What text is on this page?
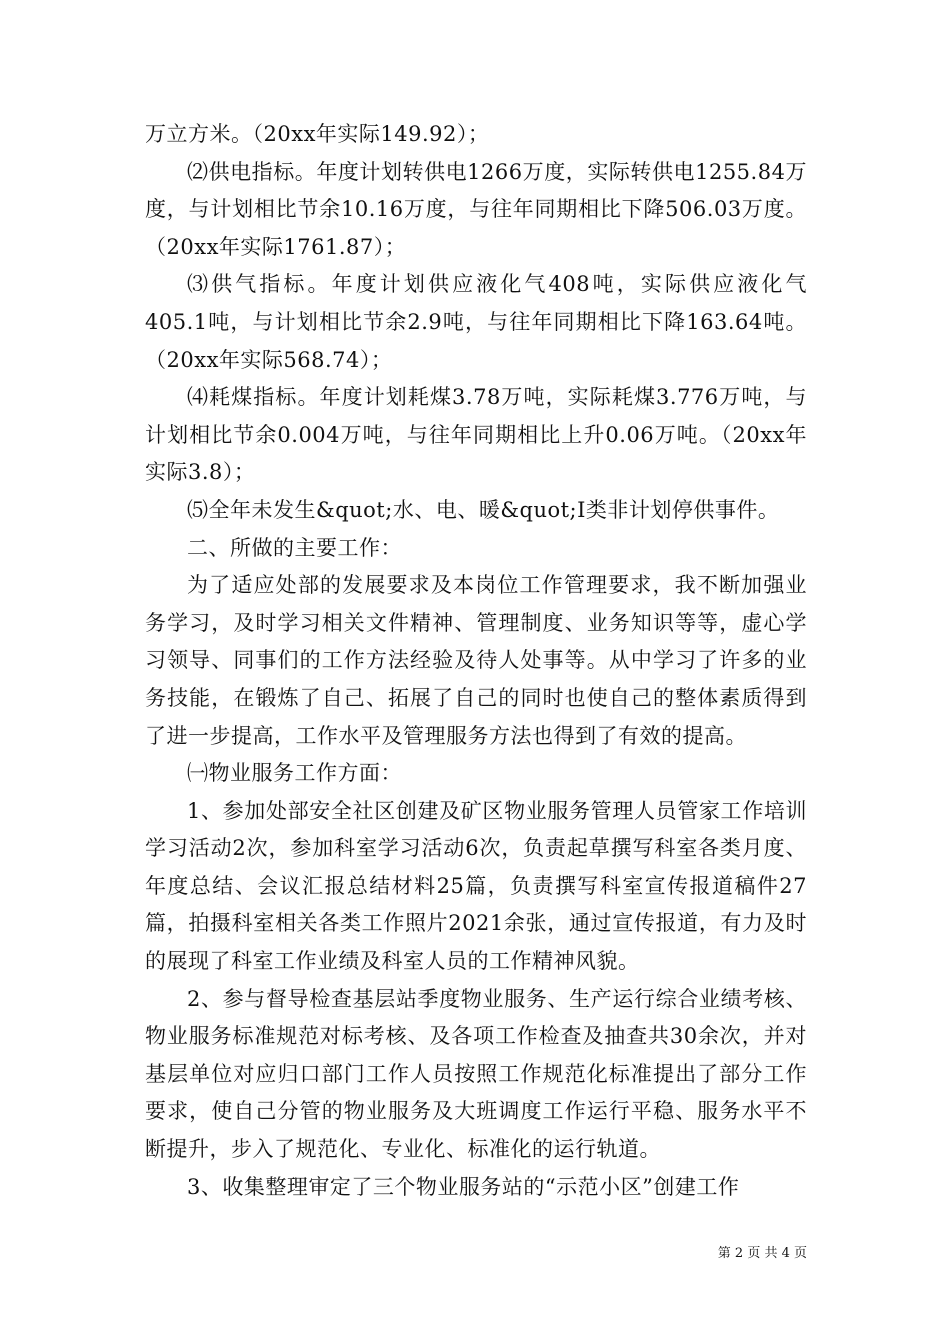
万立方米。（20xx年实际149.92）；

⑵供电指标。年度计划转供电1266万度，实际转供电1255.84万度，与计划相比节余10.16万度，与往年同期相比下降506.03万度。（20xx年实际1761.87）；

⑶供气指标。年度计划供应液化气408吨，实际供应液化气405.1吨，与计划相比节余2.9吨，与往年同期相比下降163.64吨。（20xx年实际568.74）；

⑷耗煤指标。年度计划耗煤3.78万吨，实际耗煤3.776万吨，与计划相比节余0.004万吨，与往年同期相比上升0.06万吨。（20xx年实际3.8）；

⑸全年未发生&quot;水、电、暖&quot;Ⅰ类非计划停供事件。

二、所做的主要工作：

为了适应处部的发展要求及本岗位工作管理要求，我不断加强业务学习，及时学习相关文件精神、管理制度、业务知识等等，虚心学习领导、同事们的工作方法经验及待人处事等。从中学习了许多的业务技能，在锻炼了自己、拓展了自己的同时也使自己的整体素质得到了进一步提高，工作水平及管理服务方法也得到了有效的提高。

㈠物业服务工作方面：

1、参加处部安全社区创建及矿区物业服务管理人员管家工作培训学习活动2次，参加科室学习活动6次，负责起草撰写科室各类月度、年度总结、会议汇报总结材料25篇，负责撰写科室宣传报道稿件27篇，拍摄科室相关各类工作照片2021余张，通过宣传报道，有力及时的展现了科室工作业绩及科室人员的工作精神风貌。

2、参与督导检查基层站季度物业服务、生产运行综合业绩考核、物业服务标准规范对标考核、及各项工作检查及抽查共30余次，并对基层单位对应归口部门工作人员按照工作规范化标准提出了部分工作要求，使自己分管的物业服务及大班调度工作运行平稳、服务水平不断提升，步入了规范化、专业化、标准化的运行轨道。

3、收集整理审定了三个物业服务站的“示范小区”创建工作

第 2 页 共 4 页
